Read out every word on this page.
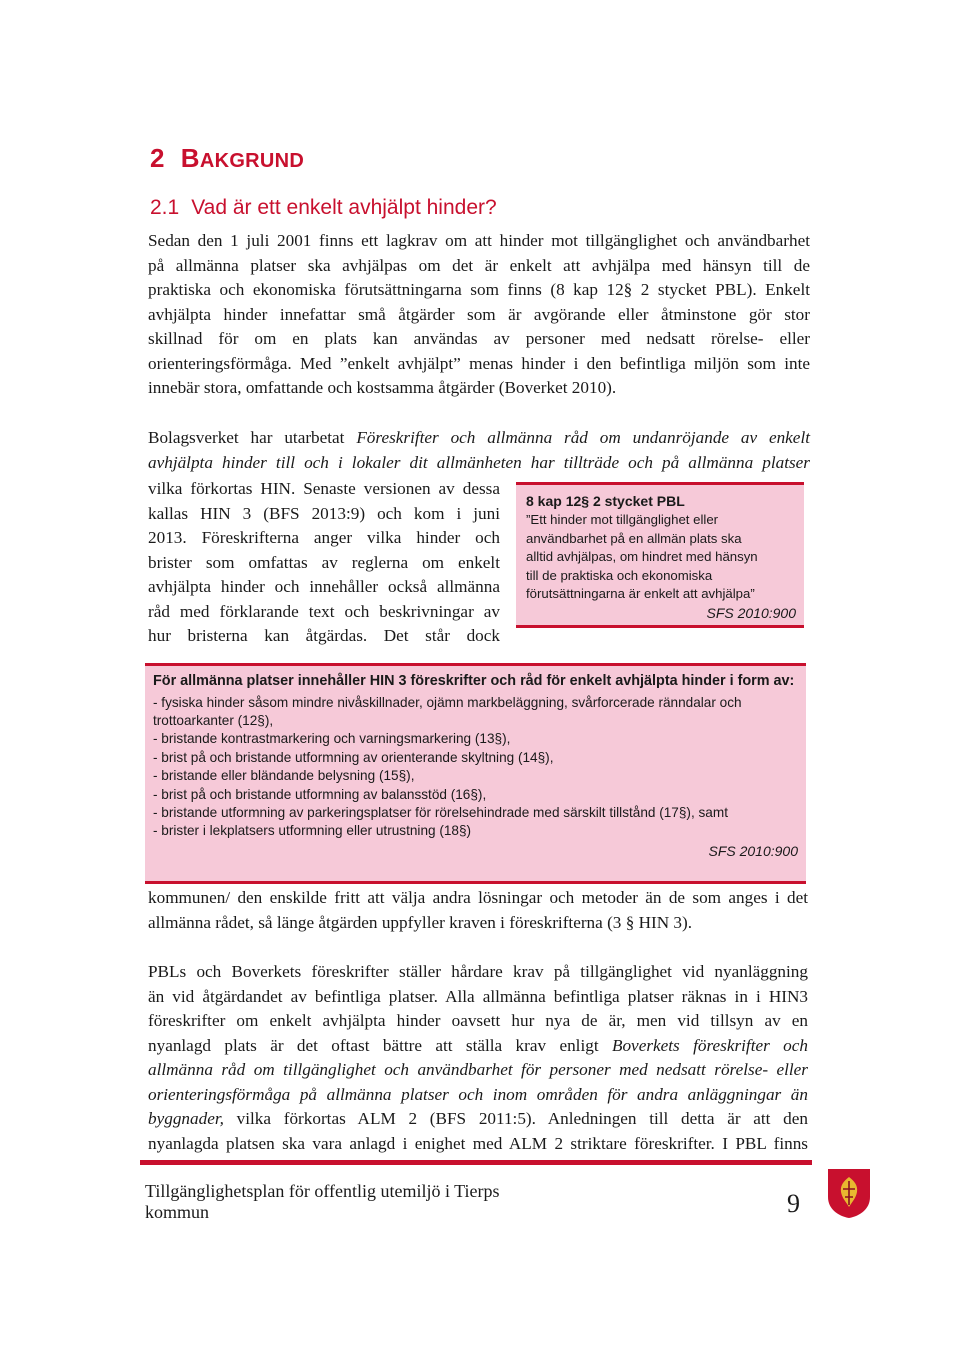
2 BAKGRUND
2.1 Vad är ett enkelt avhjälpt hinder?
Sedan den 1 juli 2001 finns ett lagkrav om att hinder mot tillgänglighet och användbarhet
på allmänna platser ska avhjälpas om det är enkelt att avhjälpa med hänsyn till de
praktiska och ekonomiska förutsättningarna som finns (8 kap 12§ 2 stycket PBL). Enkelt
avhjälpta hinder innefattar små åtgärder som är avgörande eller åtminstone gör stor
skillnad för om en plats kan användas av personer med nedsatt rörelse- eller
orienteringsförmåga. Med ”enkelt avhjälpt” menas hinder i den befintliga miljön som inte
innebär stora, omfattande och kostsamma åtgärder (Boverket 2010).
Bolagsverket har utarbetat Föreskrifter och allmänna råd om undanröjande av enkelt
avhjälpta hinder till och i lokaler dit allmänheten har tillträde och på allmänna platser
vilka förkortas HIN. Senaste versionen av dessa
kallas HIN 3 (BFS 2013:9) och kom i juni
2013. Föreskrifterna anger vilka hinder och
brister som omfattas av reglerna om enkelt
avhjälpta hinder och innehåller också allmänna
råd med förklarande text och beskrivningar av
hur bristerna kan åtgärdas. Det står dock
8 kap 12§ 2 stycket PBL
”Ett hinder mot tillgänglighet eller
användbarhet på en allmän plats ska
alltid avhjälpas, om hindret med hänsyn
till de praktiska och ekonomiska
förutsättningarna är enkelt att avhjälpa”
SFS 2010:900
För allmänna platser innehåller HIN 3 föreskrifter och råd för enkelt avhjälpta hinder i form av:
- fysiska hinder såsom mindre nivåskillnader, ojämn markbeläggning, svårforcerade ränndalar och trottoarkanter (12§),
- bristande kontrastmarkering och varningsmarkering (13§),
- brist på och bristande utformning av orienterande skyltning (14§),
- bristande eller bländande belysning (15§),
- brist på och bristande utformning av balansstöd (16§),
- bristande utformning av parkeringsplatser för rörelsehindrade med särskilt tillstånd (17§), samt
- brister i lekplatsers utformning eller utrustning (18§)
SFS 2010:900
kommunen/ den enskilde fritt att välja andra lösningar och metoder än de som anges i det
allmänna rådet, så länge åtgärden uppfyller kraven i föreskrifterna (3 § HIN 3).
PBLs och Boverkets föreskrifter ställer hårdare krav på tillgänglighet vid nyanläggning
än vid åtgärdandet av befintliga platser. Alla allmänna befintliga platser räknas in i HIN3
föreskrifter om enkelt avhjälpta hinder oavsett hur nya de är, men vid tillsyn av en
nyanlagd plats är det oftast bättre att ställa krav enligt Boverkets föreskrifter och
allmänna råd om tillgänglighet och användbarhet för personer med nedsatt rörelse- eller
orienteringsförmåga på allmänna platser och inom områden för andra anläggningar än
byggnader, vilka förkortas ALM 2 (BFS 2011:5). Anledningen till detta är att den
nyanlagda platsen ska vara anlagd i enighet med ALM 2 striktare föreskrifter. I PBL finns
Tillgänglighetsplan för offentlig utemiljö i Tierps kommun	9
